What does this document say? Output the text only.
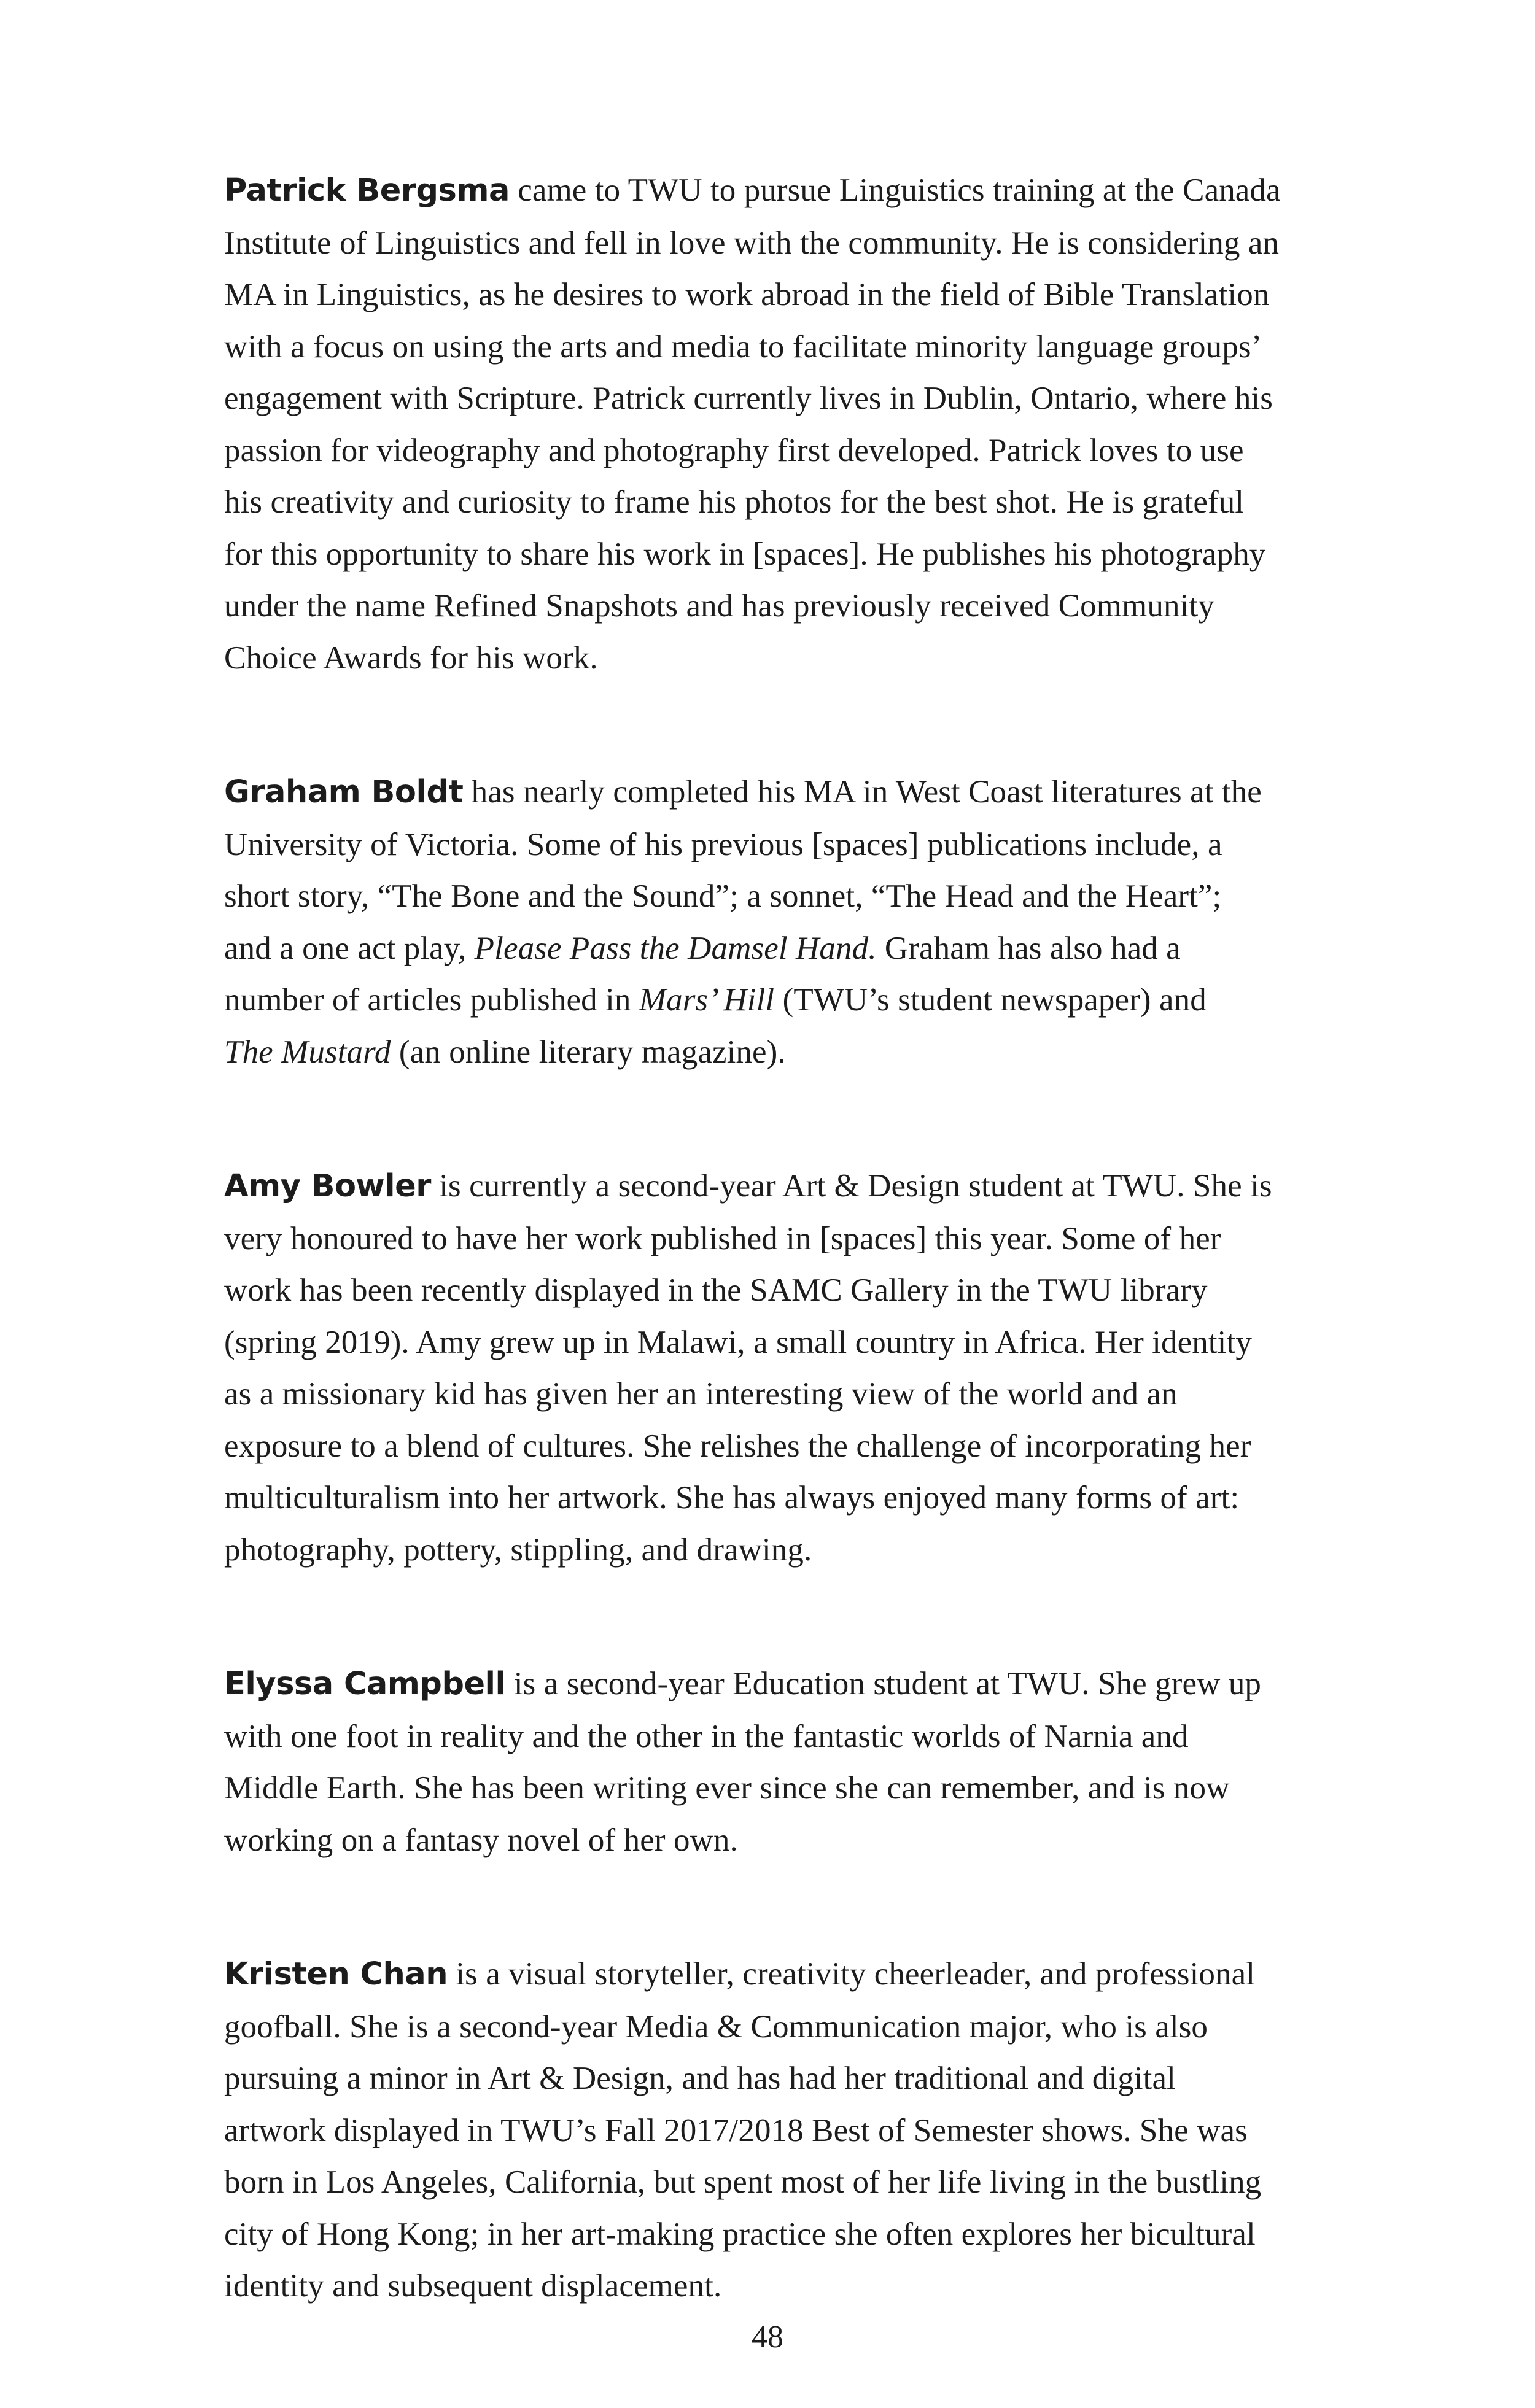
Patrick Bergsma came to TWU to pursue Linguistics training at the Canada
Institute of Linguistics and fell in love with the community. He is considering an
MA in Linguistics, as he desires to work abroad in the field of Bible Translation
with a focus on using the arts and media to facilitate minority language groups’
engagement with Scripture. Patrick currently lives in Dublin, Ontario, where his
passion for videography and photography first developed. Patrick loves to use
his creativity and curiosity to frame his photos for the best shot. He is grateful
for this opportunity to share his work in [spaces]. He publishes his photography
under the name Refined Snapshots and has previously received Community
Choice Awards for his work.

Graham Boldt has nearly completed his MA in West Coast literatures at the
University of Victoria. Some of his previous [spaces] publications include, a
short story, “The Bone and the Sound”; a sonnet, “The Head and the Heart”;
and a one act play, Please Pass the Damsel Hand. Graham has also had a
number of articles published in Mars’ Hill (TWU’s student newspaper) and
The Mustard (an online literary magazine).

Amy Bowler is currently a second-year Art & Design student at TWU. She is
very honoured to have her work published in [spaces] this year. Some of her
work has been recently displayed in the SAMC Gallery in the TWU library
(spring 2019). Amy grew up in Malawi, a small country in Africa. Her identity
as a missionary kid has given her an interesting view of the world and an
exposure to a blend of cultures. She relishes the challenge of incorporating her
multiculturalism into her artwork. She has always enjoyed many forms of art:
photography, pottery, stippling, and drawing.

Elyssa Campbell is a second-year Education student at TWU. She grew up
with one foot in reality and the other in the fantastic worlds of Narnia and
Middle Earth. She has been writing ever since she can remember, and is now
working on a fantasy novel of her own.

Kristen Chan is a visual storyteller, creativity cheerleader, and professional
goofball. She is a second-year Media & Communication major, who is also
pursuing a minor in Art & Design, and has had her traditional and digital
artwork displayed in TWU’s Fall 2017/2018 Best of Semester shows. She was
born in Los Angeles, California, but spent most of her life living in the bustling
city of Hong Kong; in her art-making practice she often explores her bicultural
identity and subsequent displacement.

48
